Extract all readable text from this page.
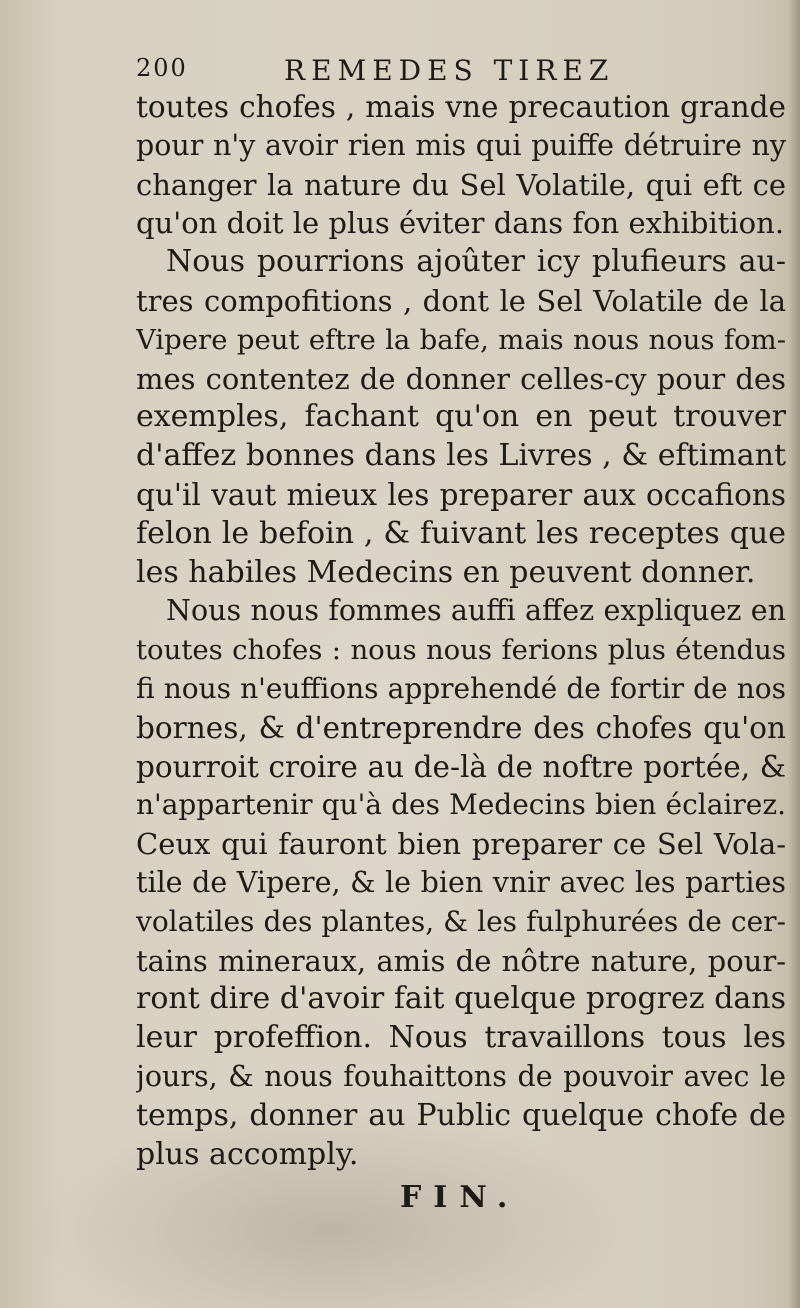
200	REMEDES TIREZ
toutes chofes , mais vne precaution grande
pour n'y avoir rien mis qui puiffe détruire ny
changer la nature du Sel Volatile, qui eft ce
qu'on doit le plus éviter dans fon exhibition.
Nous pourrions ajoûter icy plufieurs au-
tres compofitions , dont le Sel Volatile de la
Vipere peut eftre la bafe, mais nous nous fom-
mes contentez de donner celles-cy pour des
exemples, fachant qu'on en peut trouver
d'affez bonnes dans les Livres , & eftimant
qu'il vaut mieux les preparer aux occafions
felon le befoin , & fuivant les receptes que
les habiles Medecins en peuvent donner.
Nous nous fommes auffi affez expliquez en
toutes chofes : nous nous ferions plus étendus
fi nous n'euffions apprehendé de fortir de nos
bornes, & d'entreprendre des chofes qu'on
pourroit croire au de-là de noftre portée, &
n'appartenir qu'à des Medecins bien éclairez.
Ceux qui fauront bien preparer ce Sel Vola-
tile de Vipere, & le bien vnir avec les parties
volatiles des plantes, & les fulphurées de cer-
tains mineraux, amis de nôtre nature, pour-
ront dire d'avoir fait quelque progrez dans
leur profeffion. Nous travaillons tous les
jours, & nous fouhaittons de pouvoir avec le
temps, donner au Public quelque chofe de
plus accomply.
FIN.
